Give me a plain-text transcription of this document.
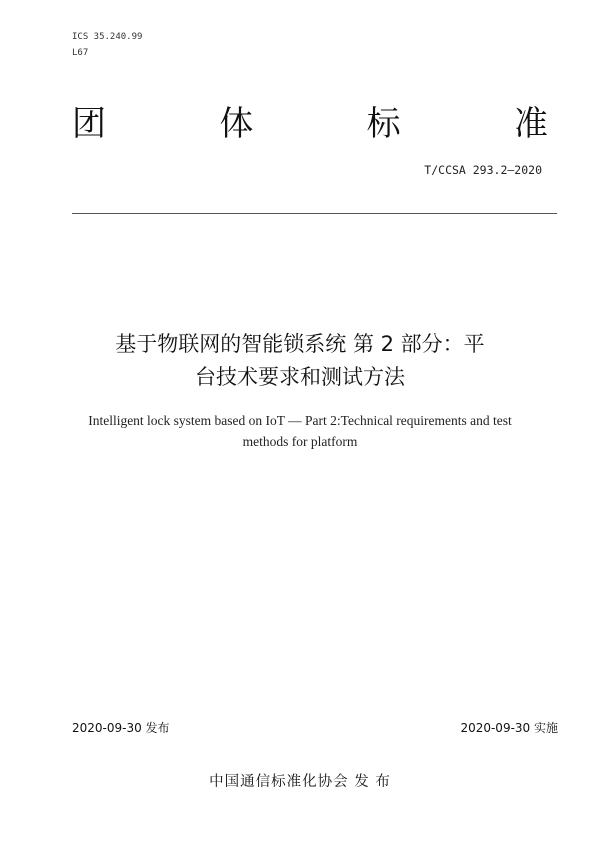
ICS 35.240.99
L67
团	体	标	准
T/CCSA 293.2—2020
基于物联网的智能锁系统 第 2 部分：平
台技术要求和测试方法
Intelligent lock system based on IoT — Part 2:Technical requirements and test
methods for platform
2020-09-30 发布	2020-09-30 实施
中国通信标准化协会 发 布
